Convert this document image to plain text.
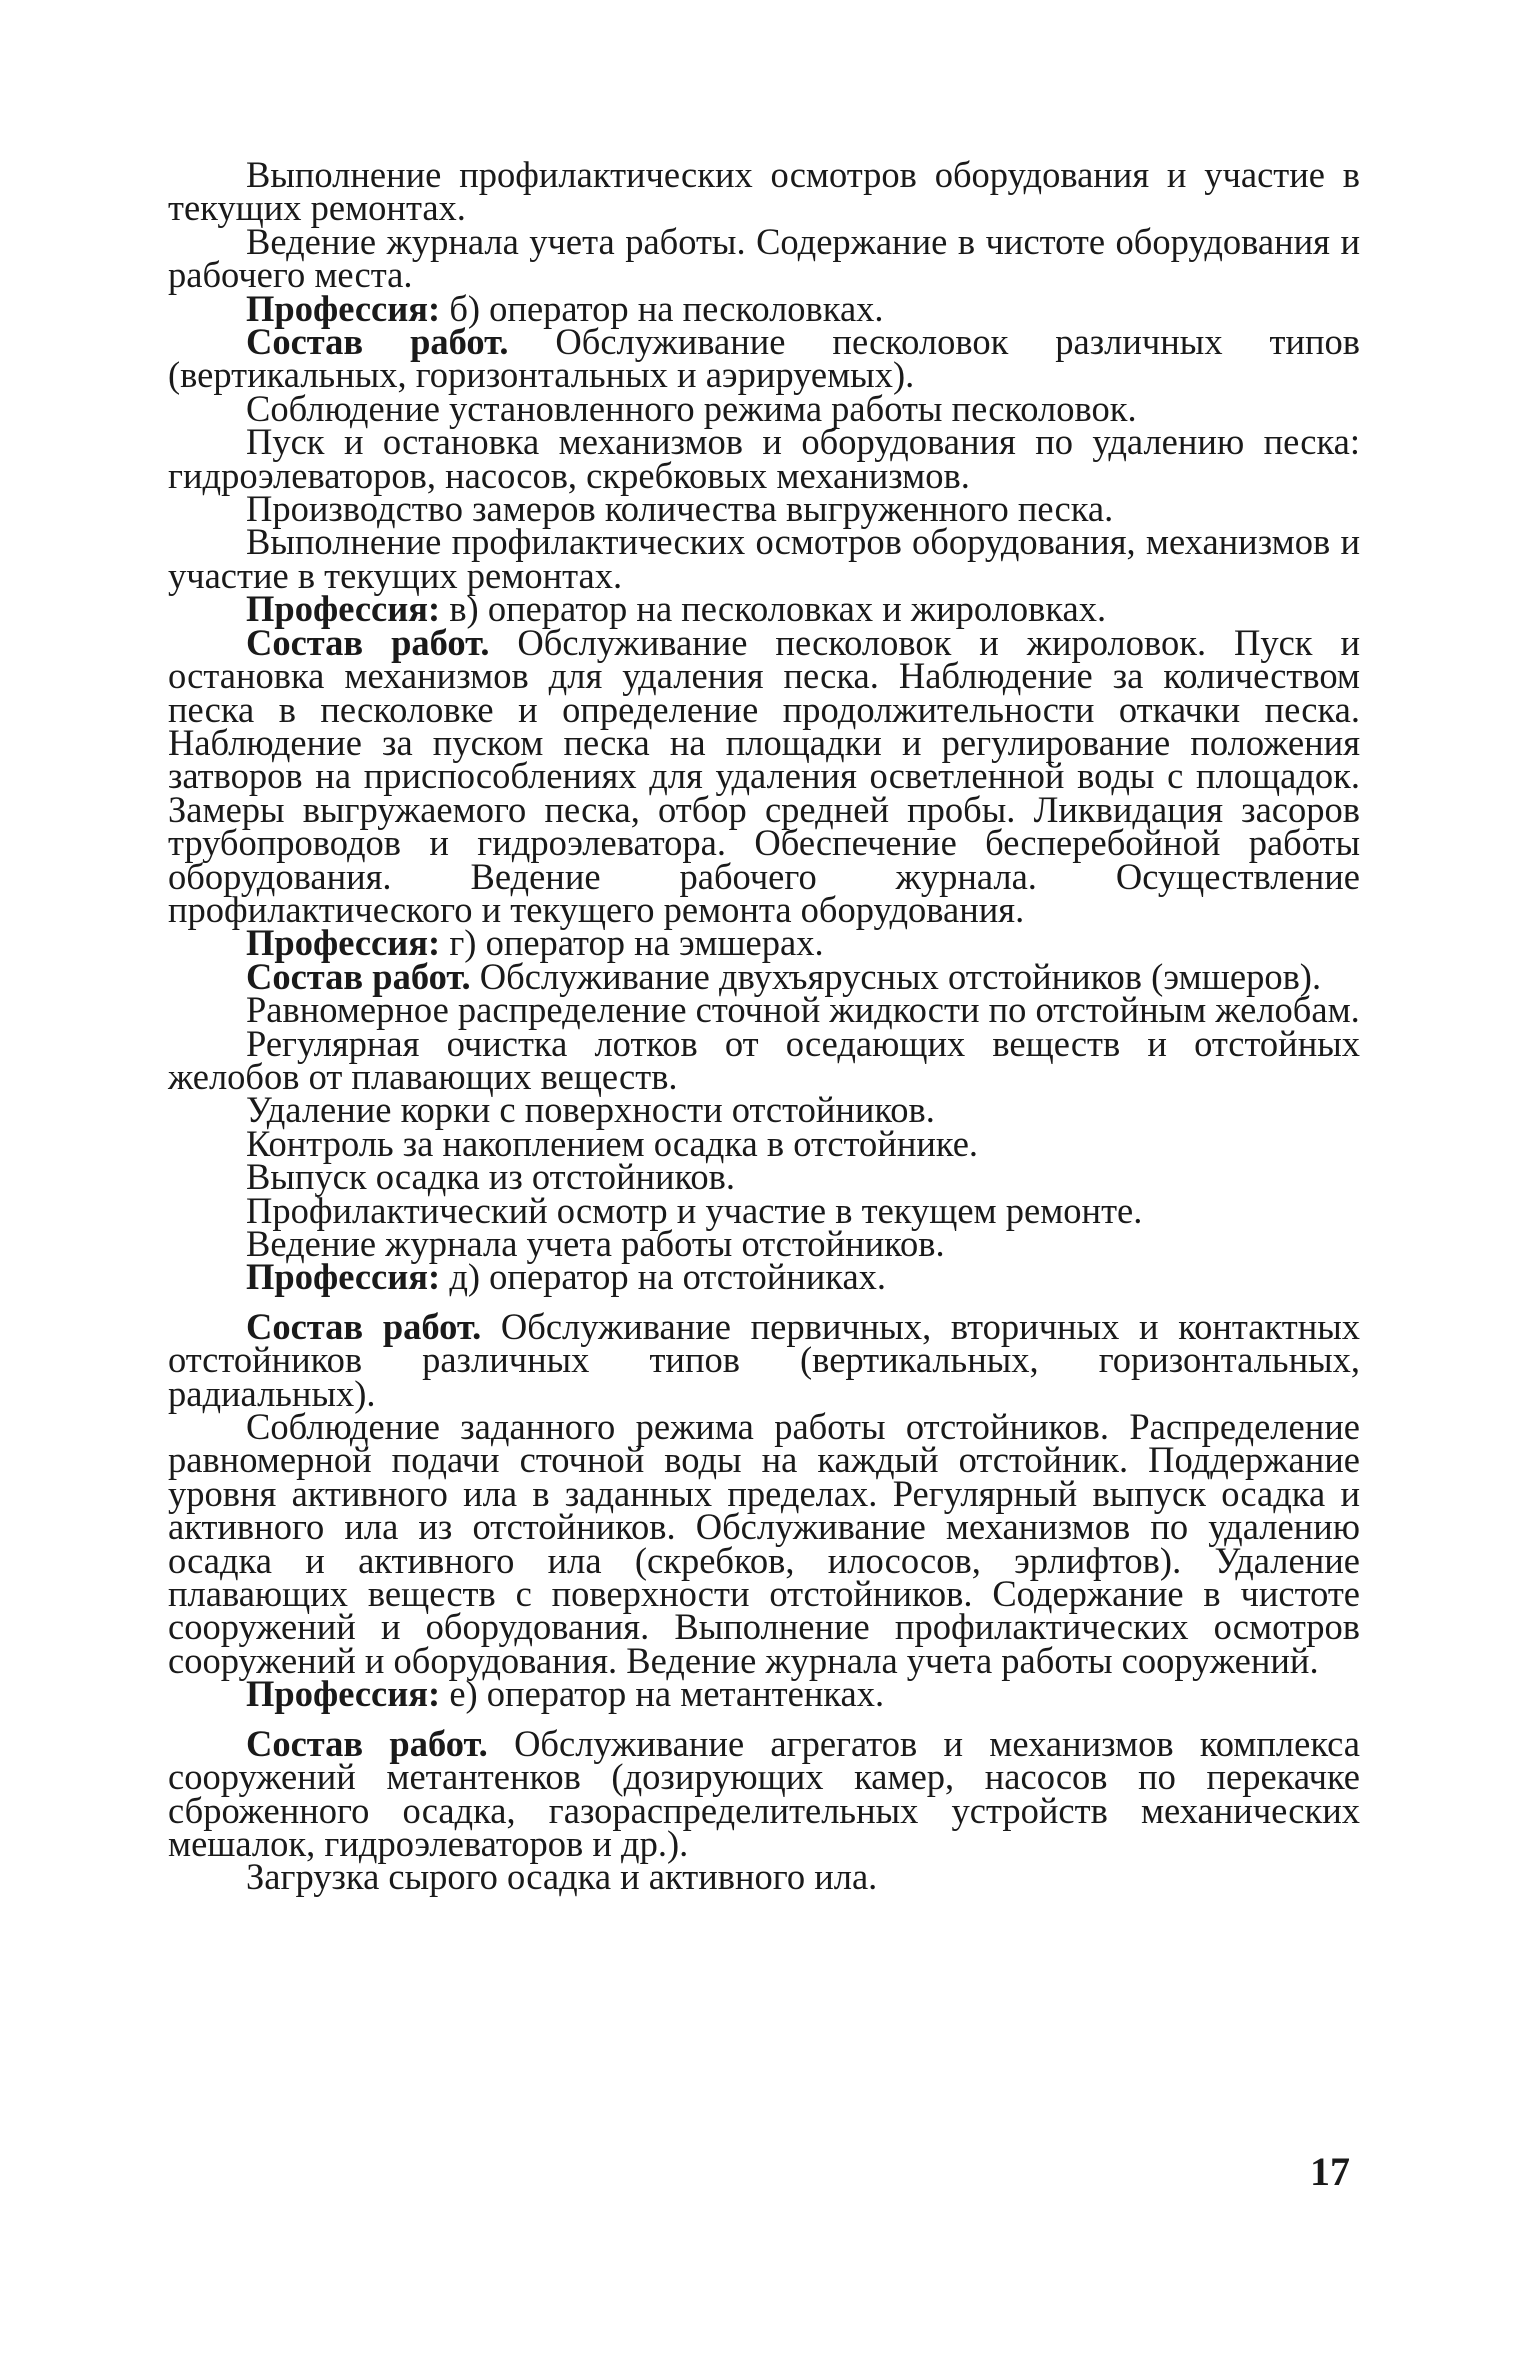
Выполнение профилактических осмотров оборудования и участие в текущих ремонтах.

Ведение журнала учета работы. Содержание в чистоте оборудования и рабочего места.

Профессия: б) оператор на песколовках.

Состав работ. Обслуживание песколовок различных типов (вертикальных, горизонтальных и аэрируемых).

Соблюдение установленного режима работы песколовок.

Пуск и остановка механизмов и оборудования по удалению песка: гидроэлеваторов, насосов, скребковых механизмов.

Производство замеров количества выгруженного песка.

Выполнение профилактических осмотров оборудования, механизмов и участие в текущих ремонтах.

Профессия: в) оператор на песколовках и жироловках.

Состав работ. Обслуживание песколовок и жироловок. Пуск и остановка механизмов для удаления песка. Наблюдение за количеством песка в песколовке и определение продолжительности откачки песка. Наблюдение за пуском песка на площадки и регулирование положения затворов на приспособлениях для удаления осветленной воды с площадок. Замеры выгружаемого песка, отбор средней пробы. Ликвидация засоров трубопроводов и гидроэлеватора. Обеспечение бесперебойной работы оборудования. Ведение рабочего журнала. Осуществление профилактического и текущего ремонта оборудования.

Профессия: г) оператор на эмшерах.

Состав работ. Обслуживание двухъярусных отстойников (эмшеров).

Равномерное распределение сточной жидкости по отстойным желобам.

Регулярная очистка лотков от оседающих веществ и отстойных желобов от плавающих веществ.

Удаление корки с поверхности отстойников.

Контроль за накоплением осадка в отстойнике.

Выпуск осадка из отстойников.

Профилактический осмотр и участие в текущем ремонте.

Ведение журнала учета работы отстойников.

Профессия: д) оператор на отстойниках.

Состав работ. Обслуживание первичных, вторичных и контактных отстойников различных типов (вертикальных, горизонтальных, радиальных).

Соблюдение заданного режима работы отстойников. Распределение равномерной подачи сточной воды на каждый отстойник. Поддержание уровня активного ила в заданных пределах. Регулярный выпуск осадка и активного ила из отстойников. Обслуживание механизмов по удалению осадка и активного ила (скребков, илососов, эрлифтов). Удаление плавающих веществ с поверхности отстойников. Содержание в чистоте сооружений и оборудования. Выполнение профилактических осмотров сооружений и оборудования. Ведение журнала учета работы сооружений.

Профессия: е) оператор на метантенках.

Состав работ. Обслуживание агрегатов и механизмов комплекса сооружений метантенков (дозирующих камер, насосов по перекачке сброженного осадка, газораспределительных устройств механических мешалок, гидроэлеваторов и др.).

Загрузка сырого осадка и активного ила.

17
